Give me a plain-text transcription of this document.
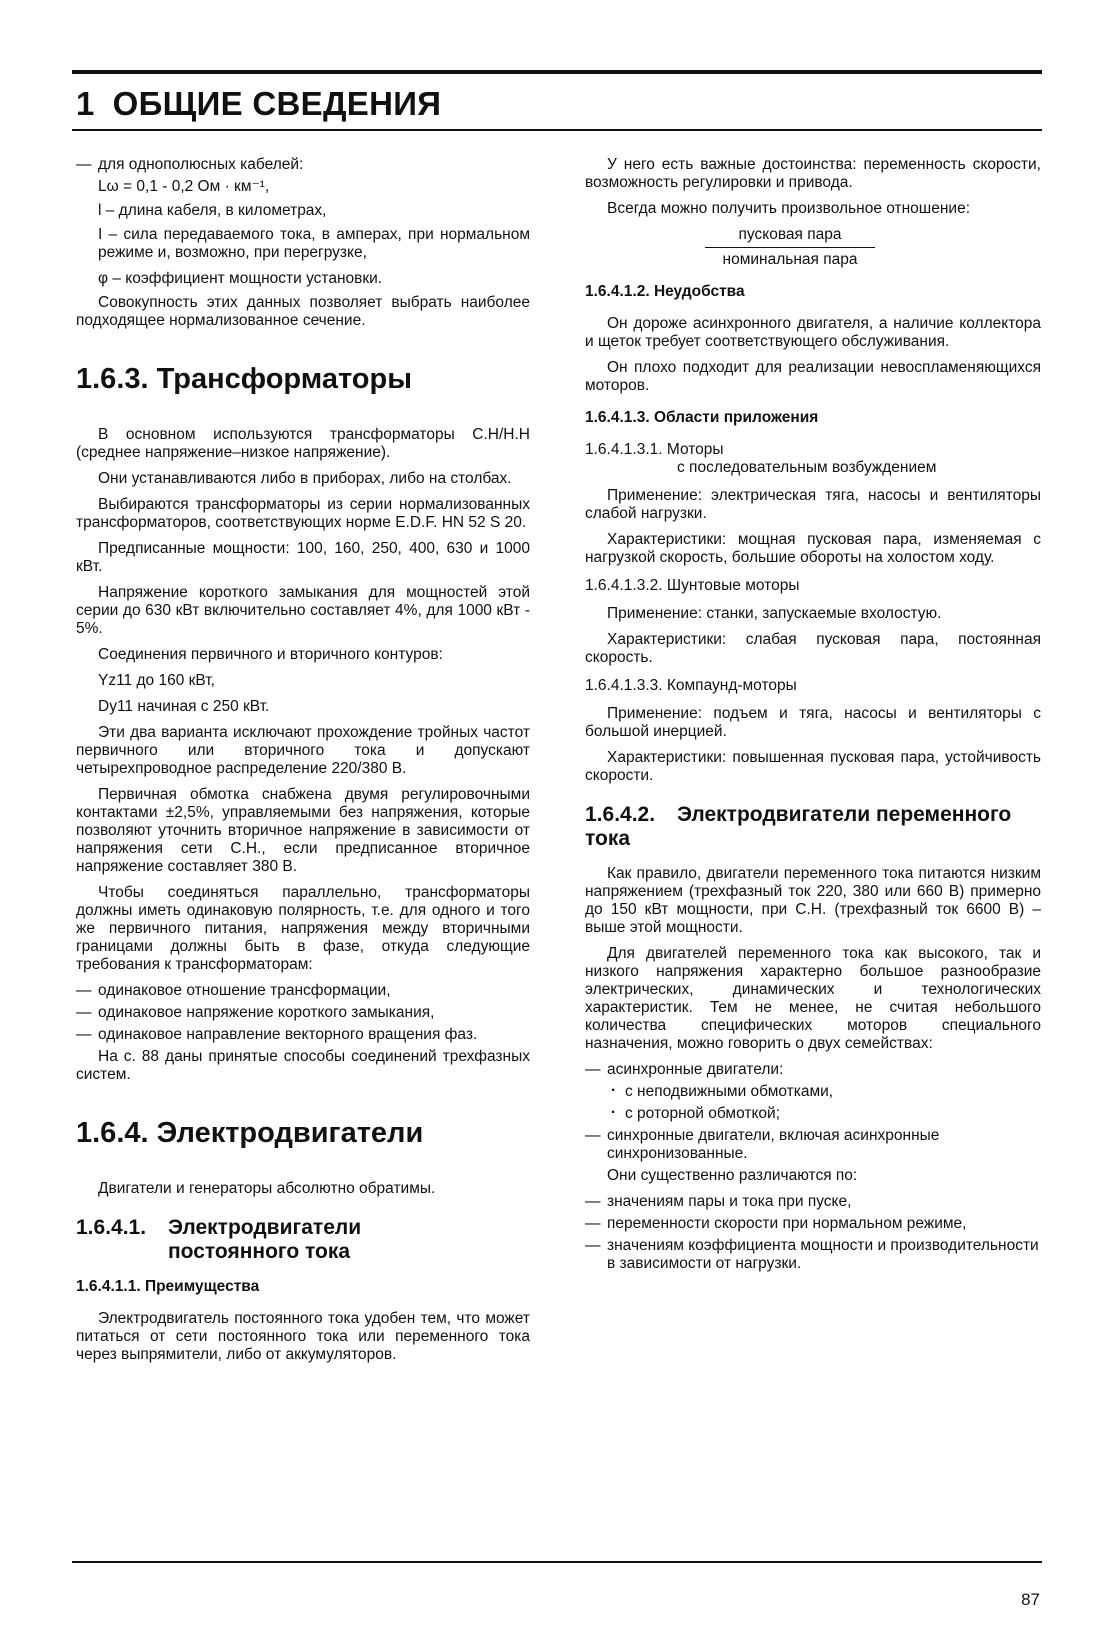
1 ОБЩИЕ СВЕДЕНИЯ
— для однополюсных кабелей:
Lω = 0,1 - 0,2 Ом · км⁻¹,
l – длина кабеля, в километрах,

I – сила передаваемого тока, в амперах, при нормальном режиме и, возможно, при перегрузке,

φ – коэффициент мощности установки.

Совокупность этих данных позволяет выбрать наиболее подходящее нормализованное сечение.

1.6.3. Трансформаторы

В основном используются трансформаторы С.Н/Н.Н (среднее напряжение–низкое напряжение).

Они устанавливаются либо в приборах, либо на столбах.

Выбираются трансформаторы из серии нормализованных трансформаторов, соответствующих норме E.D.F. HN 52 S 20.

Предписанные мощности: 100, 160, 250, 400, 630 и 1000 кВт.

Напряжение короткого замыкания для мощностей этой серии до 630 кВт включительно составляет 4%, для 1000 кВт - 5%.

Соединения первичного и вторичного контуров:

Yz11 до 160 кВт,

Dy11 начиная с 250 кВт.

Эти два варианта исключают прохождение тройных частот первичного или вторичного тока и допускают четырехпроводное распределение 220/380 В.

Первичная обмотка снабжена двумя регулировочными контактами ±2,5%, управляемыми без напряжения, которые позволяют уточнить вторичное напряжение в зависимости от напряжения сети С.Н., если предписанное вторичное напряжение составляет 380 В.

Чтобы соединяться параллельно, трансформаторы должны иметь одинаковую полярность, т.е. для одного и того же первичного питания, напряжения между вторичными границами должны быть в фазе, откуда следующие требования к трансформаторам:

— одинаковое отношение трансформации,
— одинаковое напряжение короткого замыкания,
— одинаковое направление векторного вращения фаз.

На с. 88 даны принятые способы соединений трехфазных систем.

1.6.4. Электродвигатели

Двигатели и генераторы абсолютно обратимы.

1.6.4.1. Электродвигатели
постоянного тока
1.6.4.1.1. Преимущества

Электродвигатель постоянного тока удобен тем, что может питаться от сети постоянного тока или переменного тока через выпрямители, либо от аккумуляторов.

У него есть важные достоинства: переменность скорости, возможность регулировки и привода.

Всегда можно получить произвольное отношение:

пусковая пара
номинальная пара
1.6.4.1.2. Неудобства

Он дороже асинхронного двигателя, а наличие коллектора и щеток требует соответствующего обслуживания.

Он плохо подходит для реализации невоспламеняющихся моторов.

1.6.4.1.3. Области приложения
1.6.4.1.3.1. Моторы
с последовательным возбуждением

Применение: электрическая тяга, насосы и вентиляторы слабой нагрузки.

Характеристики: мощная пусковая пара, изменяемая с нагрузкой скорость, большие обороты на холостом ходу.

1.6.4.1.3.2. Шунтовые моторы

Применение: станки, запускаемые вхолостую.

Характеристики: слабая пусковая пара, постоянная скорость.

1.6.4.1.3.3. Компаунд-моторы

Применение: подъем и тяга, насосы и вентиляторы с большой инерцией.

Характеристики: повышенная пусковая пара, устойчивость скорости.

1.6.4.2. Электродвигатели переменного тока

Как правило, двигатели переменного тока питаются низким напряжением (трехфазный ток 220, 380 или 660 В) примерно до 150 кВт мощности, при С.Н. (трехфазный ток 6600 В) – выше этой мощности.

Для двигателей переменного тока как высокого, так и низкого напряжения характерно большое разнообразие электрических, динамических и технологических характеристик. Тем не менее, не считая небольшого количества специфических моторов специального назначения, можно говорить о двух семействах:

— асинхронные двигатели:
· с неподвижными обмотками,
· с роторной обмоткой;
— синхронные двигатели, включая асинхронные синхронизованные.

Они существенно различаются по:

— значениям пары и тока при пуске,
— переменности скорости при нормальном режиме,
— значениям коэффициента мощности и производительности в зависимости от нагрузки.
87
